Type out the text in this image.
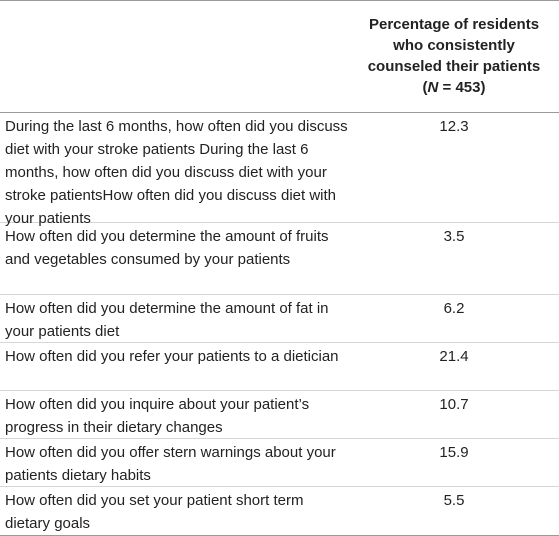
Percentage of residents
who consistently
counseled their patients
(N = 453)
During the last 6 months, how often did you discuss diet with your stroke patients During the last 6 months, how often did you discuss diet with your stroke patientsHow often did you discuss diet with your patients
12.3
How often did you determine the amount of fruits and vegetables consumed by your patients
3.5
How often did you determine the amount of fat in your patients diet
6.2
How often did you refer your patients to a dietician	21.4
How often did you inquire about your patient’s progress in their dietary changes
10.7
How often did you offer stern warnings about your patients dietary habits
15.9
How often did you set your patient short term dietary goals
5.5
